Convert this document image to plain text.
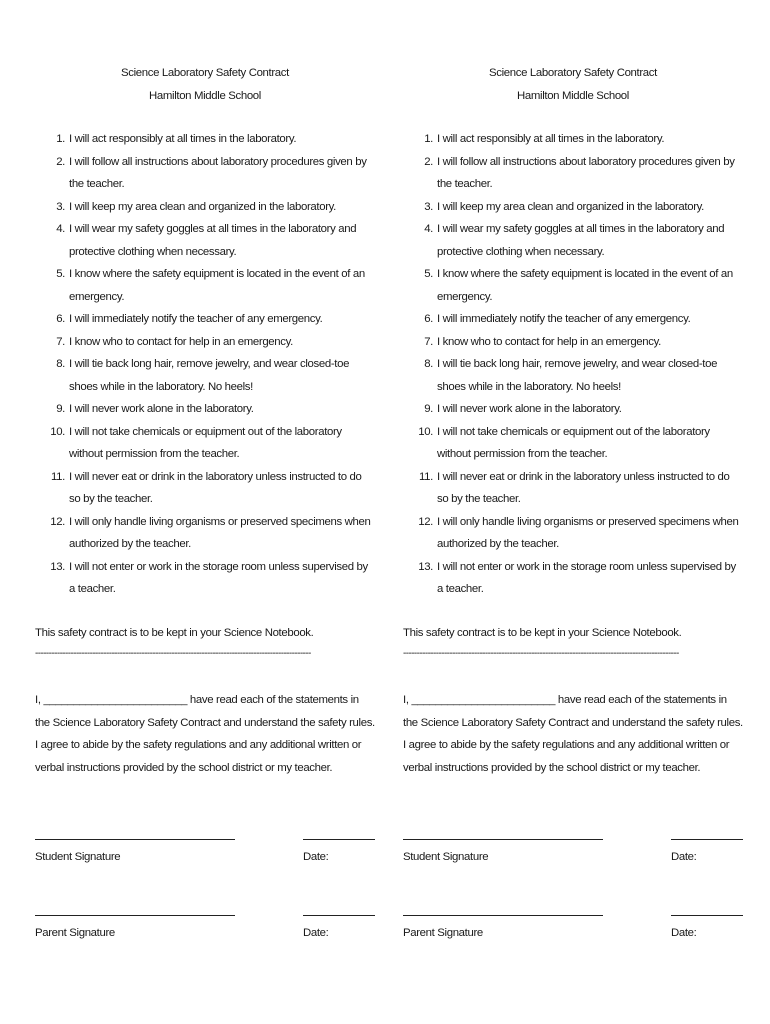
Science Laboratory Safety Contract
Hamilton Middle School
1. I will act responsibly at all times in the laboratory.
2. I will follow all instructions about laboratory procedures given by the teacher.
3. I will keep my area clean and organized in the laboratory.
4. I will wear my safety goggles at all times in the laboratory and protective clothing when necessary.
5. I know where the safety equipment is located in the event of an emergency.
6. I will immediately notify the teacher of any emergency.
7. I know who to contact for help in an emergency.
8. I will tie back long hair, remove jewelry, and wear closed-toe shoes while in the laboratory. No heels!
9. I will never work alone in the laboratory.
10. I will not take chemicals or equipment out of the laboratory without permission from the teacher.
11. I will never eat or drink in the laboratory unless instructed to do so by the teacher.
12. I will only handle living organisms or preserved specimens when authorized by the teacher.
13. I will not enter or work in the storage room unless supervised by a teacher.
This safety contract is to be kept in your Science Notebook.
-----------------------------------------------------------------------------------------------------
I, ________________________ have read each of the statements in the Science Laboratory Safety Contract and understand the safety rules. I agree to abide by the safety regulations and any additional written or verbal instructions provided by the school district or my teacher.
Student Signature	Date:
Parent Signature	Date:
Science Laboratory Safety Contract
Hamilton Middle School
1. I will act responsibly at all times in the laboratory.
2. I will follow all instructions about laboratory procedures given by the teacher.
3. I will keep my area clean and organized in the laboratory.
4. I will wear my safety goggles at all times in the laboratory and protective clothing when necessary.
5. I know where the safety equipment is located in the event of an emergency.
6. I will immediately notify the teacher of any emergency.
7. I know who to contact for help in an emergency.
8. I will tie back long hair, remove jewelry, and wear closed-toe shoes while in the laboratory. No heels!
9. I will never work alone in the laboratory.
10. I will not take chemicals or equipment out of the laboratory without permission from the teacher.
11. I will never eat or drink in the laboratory unless instructed to do so by the teacher.
12. I will only handle living organisms or preserved specimens when authorized by the teacher.
13. I will not enter or work in the storage room unless supervised by a teacher.
This safety contract is to be kept in your Science Notebook.
-----------------------------------------------------------------------------------------------------
I, ________________________ have read each of the statements in the Science Laboratory Safety Contract and understand the safety rules. I agree to abide by the safety regulations and any additional written or verbal instructions provided by the school district or my teacher.
Student Signature	Date:
Parent Signature	Date:
